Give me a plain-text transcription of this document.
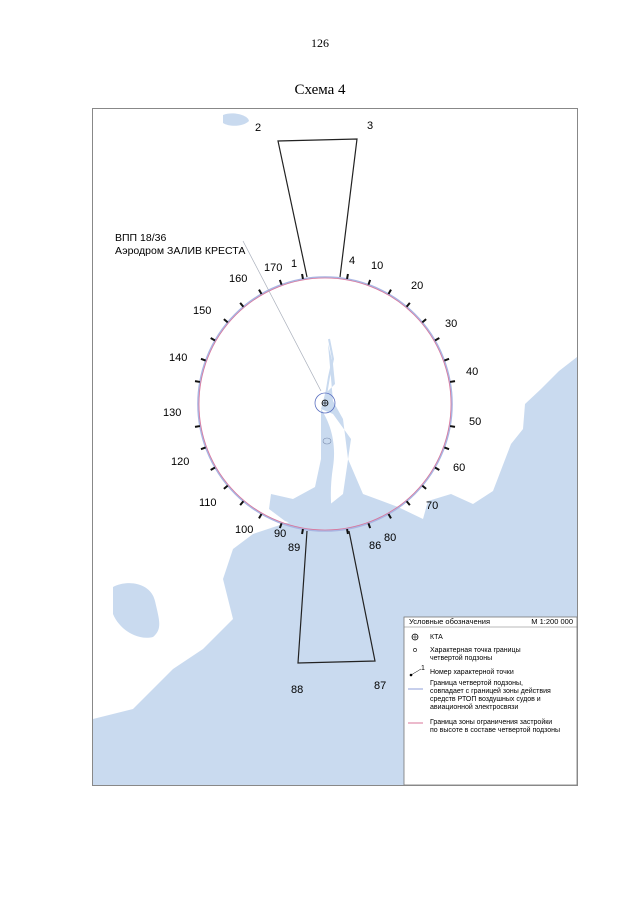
126
Схема 4
ВПП 18/36
Аэродром ЗАЛИВ КРЕСТА
1
2	3
4
86
87
88
89
10
20
30
40
50
60
70
80
90
100
110
120
130
140
150
160
170
Условные обозначения	М 1:200 000
КТА
Характерная точка границы
четвертой подзоны
1
Номер характерной точки
Граница четвертой подзоны,
совпадает с границей зоны действия
средств РТОП воздушных судов и
авиационной электросвязи
Граница зоны ограничения застройки
по высоте в составе четвертой подзоны
